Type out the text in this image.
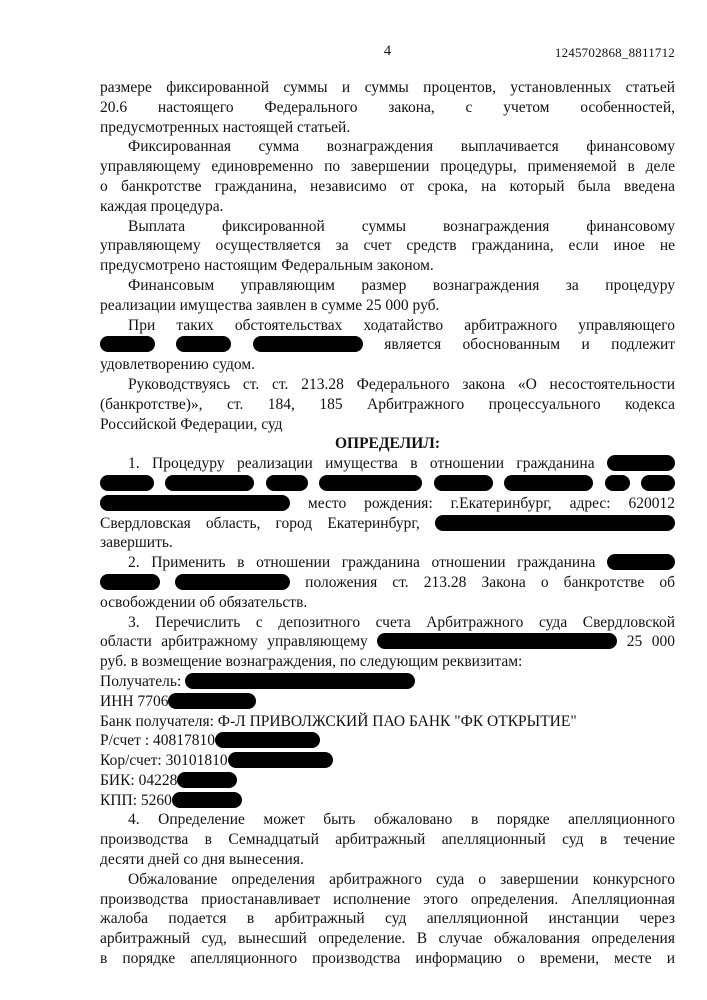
4	1245702868_8811712
размере фиксированной суммы и суммы процентов, установленных статьей
20.6 настоящего Федерального закона, с учетом особенностей,
предусмотренных настоящей статьей.
Фиксированная сумма вознаграждения выплачивается финансовому
управляющему единовременно по завершении процедуры, применяемой в деле
о банкротстве гражданина, независимо от срока, на который была введена
каждая процедура.
Выплата фиксированной суммы вознаграждения финансовому
управляющему осуществляется за счет средств гражданина, если иное не
предусмотрено настоящим Федеральным законом.
Финансовым управляющим размер вознаграждения за процедуру
реализации имущества заявлен в сумме 25 000 руб.
При таких обстоятельствах ходатайство арбитражного управляющего
является обоснованным и подлежит
удовлетворению судом.
Руководствуясь ст. ст. 213.28 Федерального закона «О несостоятельности
(банкротстве)», ст. 184, 185 Арбитражного процессуального кодекса
Российской Федерации, суд
ОПРЕДЕЛИЛ:
1. Процедуру реализации имущества в отношении гражданина

место рождения: г.Екатеринбург, адрес: 620012
Свердловская область, город Екатеринбург,
завершить.
2. Применить в отношении гражданина отношении гражданина
положения ст. 213.28 Закона о банкротстве об
освобождении об обязательств.
3. Перечислить с депозитного счета Арбитражного суда Свердловской
области арбитражному управляющему	25 000
руб. в возмещение вознаграждения, по следующим реквизитам:
Получатель:
ИНН 7706
Банк получателя: Ф-Л ПРИВОЛЖСКИЙ ПАО БАНК "ФК ОТКРЫТИЕ"
Р/счет : 40817810
Кор/счет: 30101810
БИК: 04228
КПП: 5260
4. Определение может быть обжаловано в порядке апелляционного
производства в Семнадцатый арбитражный апелляционный суд в течение
десяти дней со дня вынесения.
Обжалование определения арбитражного суда о завершении конкурсного
производства приостанавливает исполнение этого определения. Апелляционная
жалоба подается в арбитражный суд апелляционной инстанции через
арбитражный суд, вынесший определение. В случае обжалования определения
в порядке апелляционного производства информацию о времени, месте и
